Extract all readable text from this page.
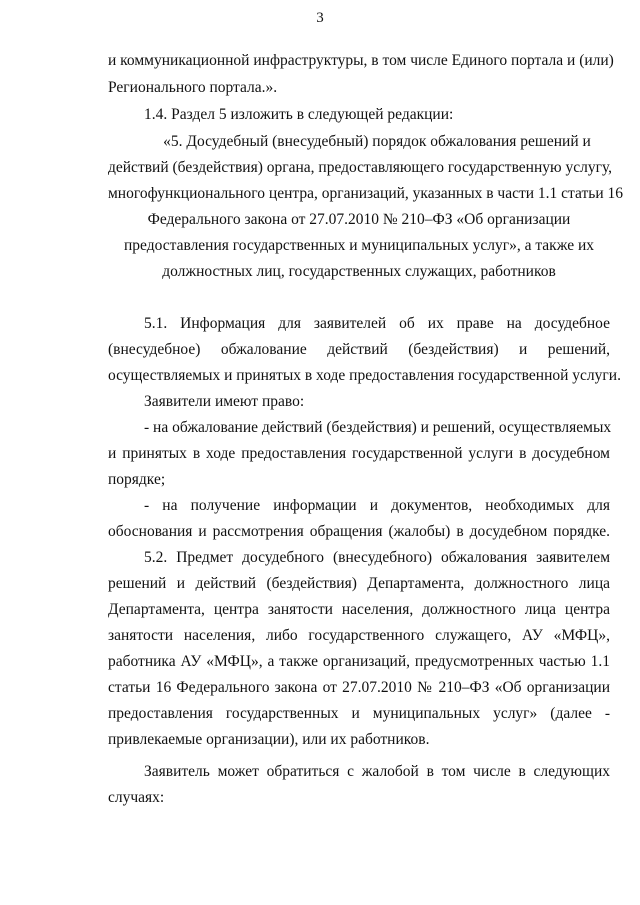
3
и коммуникационной инфраструктуры, в том числе Единого портала и (или)
Регионального портала.».
1.4. Раздел 5 изложить в следующей редакции:
«5. Досудебный (внесудебный) порядок обжалования решений и
действий (бездействия) органа, предоставляющего государственную услугу,
многофункционального центра, организаций, указанных в части 1.1 статьи 16
Федерального закона от 27.07.2010 № 210–ФЗ «Об организации
предоставления государственных и муниципальных услуг», а также их
должностных лиц, государственных служащих, работников
5.1. Информация для заявителей об их праве на досудебное
(внесудебное) обжалование действий (бездействия) и решений,
осуществляемых и принятых в ходе предоставления государственной услуги.
Заявители имеют право:
- на обжалование действий (бездействия) и решений, осуществляемых
и принятых в ходе предоставления государственной услуги в досудебном
порядке;
- на получение информации и документов, необходимых для
обоснования и рассмотрения обращения (жалобы) в досудебном порядке.
5.2. Предмет досудебного (внесудебного) обжалования заявителем
решений и действий (бездействия) Департамента, должностного лица
Департамента, центра занятости населения, должностного лица центра
занятости населения, либо государственного служащего, АУ «МФЦ»,
работника АУ «МФЦ», а также организаций, предусмотренных частью 1.1
статьи 16 Федерального закона от 27.07.2010 № 210–ФЗ «Об организации
предоставления государственных и муниципальных услуг» (далее -
привлекаемые организации), или их работников.
Заявитель может обратиться с жалобой в том числе в следующих
случаях:
